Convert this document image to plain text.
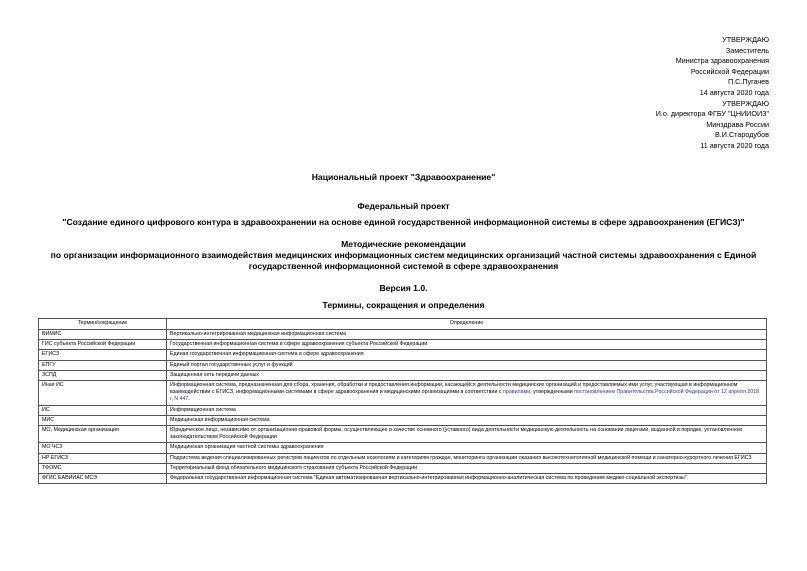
УТВЕРЖДАЮ
Заместитель
Министра здравоохранения
Российской Федерации
П.С.Пугачев
14 августа 2020 года
УТВЕРЖДАЮ
И.о. директора ФГБУ "ЦНИИОИЗ"
Минздрава России
В.И.Стародубов
11 августа 2020 года
Национальный проект "Здравоохранение"
Федеральный проект
"Создание единого цифрового контура в здравоохранении на основе единой государственной информационной системы в сфере здравоохранения (ЕГИСЗ)"
Методические рекомендации
по организации информационного взаимодействия медицинских информационных систем медицинских организаций частной системы здравоохранения с Единой
государственной информационной системой в сфере здравоохранения
Версия 1.0.
Термины, сокращения и определения
Термин/сокращение	Определение
ВИМИС	Вертикально-интегрированная медицинская информационная система
ГИС субъекта Российской Федерации	Государственная информационная система в сфере здравоохранения субъекта Российской Федерации
ЕГИСЗ	Единая государственная информационная система в сфере здравоохранения
ЕПГУ	Единый портал государственных услуг и функций
ЗСПД	Защищенная сеть передачи данных
Иная ИС	Информационная система, предназначенная для сбора, хранения, обработки и предоставления информации, касающейся деятельности медицинских организаций и предоставляемых ими услуг, участвующая в информационном взаимодействии с ЕГИСЗ, информационными системами в сфере здравоохранения и медицинскими организациями в соответствии с правилами, утвержденными постановлением Правительства Российской Федерации от 12 апреля 2018 г. N 447.
ИС	Информационная система
МИС	Медицинская информационная система
МО, Медицинская организация	Юридическое лицо, независимо от организационно-правовой формы, осуществляющее в качестве основного (уставного) вида деятельности медицинскую деятельность на основании лицензии, выданной в порядке, установленном законодательством Российской Федерации
МО ЧСЗ	Медицинская организация частной системы здравоохранения
НР ЕГИСЗ	Подсистема ведения специализированных регистров пациентов по отдельным нозологиям и категориям граждан, мониторинга организации оказания высокотехнологичной медицинской помощи и санаторно-курортного лечения ЕГИСЗ
ТФОМС	Территориальный фонд обязательного медицинского страхования субъекта Российской Федерации
ФГИС ЕАВИИАС МСЭ	Федеральная государственная информационная система "Единая автоматизированная вертикально-интегрированная информационно-аналитическая система по проведению медико-социальной экспертизы"
